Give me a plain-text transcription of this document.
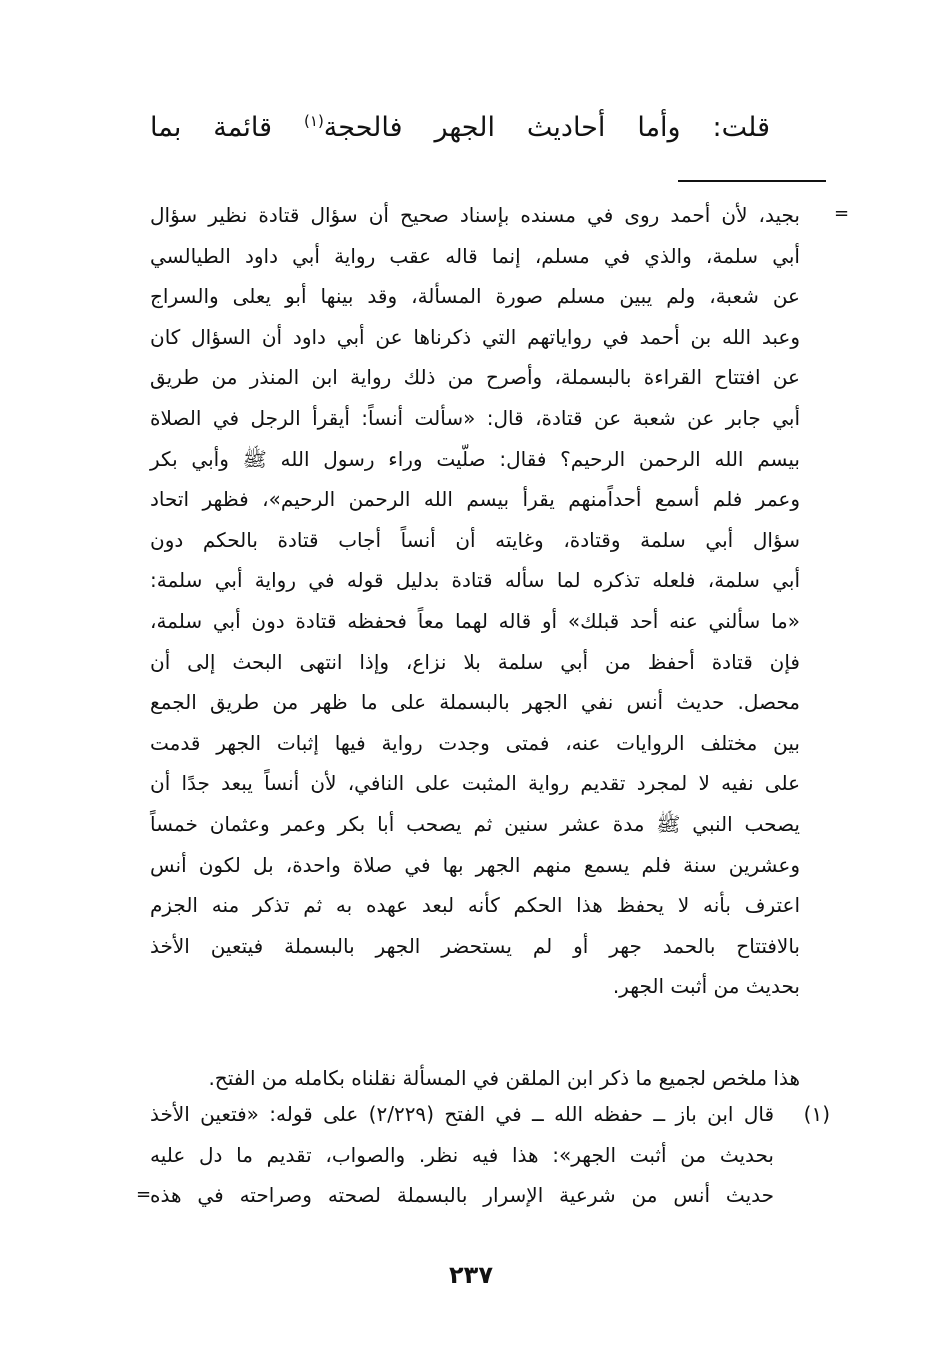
قلت: وأما أحاديث الجهر فالحجة$^{(١)}$ قائمة بما
=
بجيد، لأن أحمد روى في مسنده بإسناد صحيح أن سؤال قتادة نظير سؤال
أبي سلمة، والذي في مسلم، إنما قاله عقب رواية أبي داود الطيالسي
عن شعبة، ولم يبين مسلم صورة المسألة، وقد بينها أبو يعلى والسراج
وعبد الله بن أحمد في رواياتهم التي ذكرناها عن أبي داود أن السؤال كان
عن افتتاح القراءة بالبسملة، وأصرح من ذلك رواية ابن المنذر من طريق
أبي جابر عن شعبة عن قتادة، قال: «سألت أنساً: أيقرأ الرجل في الصلاة
بيسم الله الرحمن الرحيم؟ فقال: صلّيت وراء رسول الله ﷺ وأبي بكر
وعمر فلم أسمع أحداًمنهم يقرأ بيسم الله الرحمن الرحيم»، فظهر اتحاد
سؤال أبي سلمة وقتادة، وغايته أن أنساً أجاب قتادة بالحكم دون
أبي سلمة، فلعله تذكره لما سأله قتادة بدليل قوله في رواية أبي سلمة:
«ما سألني عنه أحد قبلك» أو قاله لهما معاً فحفظه قتادة دون أبي سلمة،
فإن قتادة أحفظ من أبي سلمة بلا نزاع، وإذا انتهى البحث إلى أن
محصل. حديث أنس نفي الجهر بالبسملة على ما ظهر من طريق الجمع
بين مختلف الروايات عنه، فمتى وجدت رواية فيها إثبات الجهر قدمت
على نفيه لا لمجرد تقديم رواية المثبت على النافي، لأن أنساً يبعد جدًا أن
يصحب النبي ﷺ مدة عشر سنين ثم يصحب أبا بكر وعمر وعثمان خمساً
وعشرين سنة فلم يسمع منهم الجهر بها في صلاة واحدة، بل لكون أنس
اعترف بأنه لا يحفظ هذا الحكم كأنه لبعد عهده به ثم تذكر منه الجزم
بالافتتاح بالحمد جهر أو لم يستحضر الجهر بالبسملة فيتعين الأخذ
بحديث من أثبت الجهر.
هذا ملخص لجميع ما ذكر ابن الملقن في المسألة نقلناه بكامله من الفتح.
(١)
قال ابن باز ــ حفظه الله ــ في الفتح (٢/٢٢٩) على قوله: «فتعين الأخذ
بحديث من أثبت الجهر»: هذا فيه نظر. والصواب، تقديم ما دل عليه
حديث أنس من شرعية الإسرار بالبسملة لصحته وصراحته في هذه
=
٢٣٧
